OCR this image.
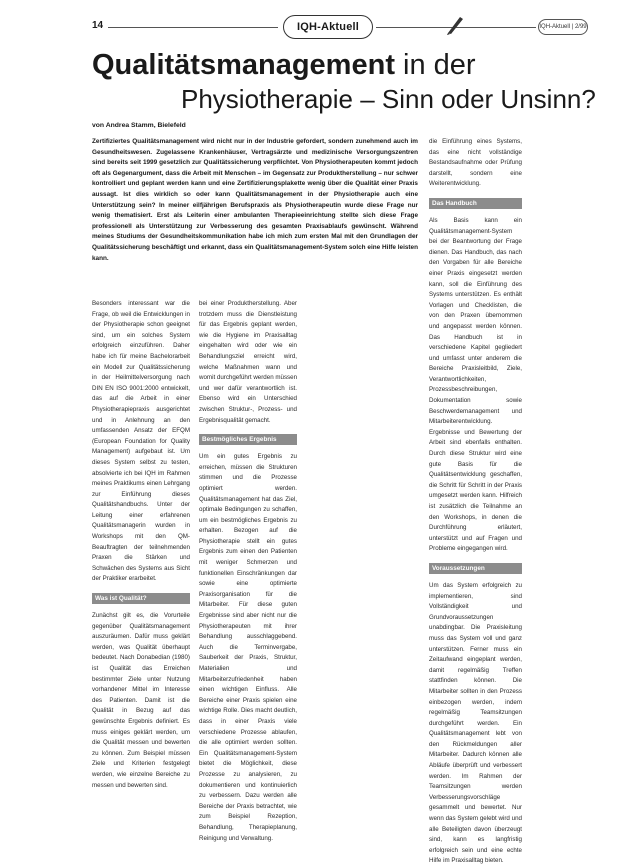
14	IQH-Aktuell	IQH-Aktuell | 2/99
Qualitätsmanagement in der
Physiotherapie – Sinn oder Unsinn?
von Andrea Stamm, Bielefeld
Zertifiziertes Qualitätsmanagement wird nicht nur in der Industrie gefordert, sondern zunehmend auch im Gesundheitswesen. Zugelassene Krankenhäuser, Vertragsärzte und medizinische Versorgungszentren sind bereits seit 1999 gesetzlich zur Qualitätssicherung verpflichtet. Von Physiotherapeuten kommt jedoch oft als Gegenargument, dass die Arbeit mit Menschen – im Gegensatz zur Produktherstellung – nur schwer kontrolliert und geplant werden kann und eine Zertifizierungsplakette wenig über die Qualität einer Praxis aussagt. Ist dies wirklich so oder kann Qualitätsmanagement in der Physiotherapie auch eine Unterstützung sein? In meiner eilfjährigen Berufspraxis als Physiotherapeutin wurde diese Frage nur wenig thematisiert. Erst als Leiterin einer ambulanten Therapieeinrichtung stellte sich diese Frage professionell als Unterstützung zur Verbesserung des gesamten Praxisablaufs gewünscht. Während meines Studiums der Gesundheitskommunikation habe ich mich zum ersten Mal mit den Grundlagen der Qualitätssicherung beschäftigt und erkannt, dass ein Qualitätsmanagement-System solch eine Hilfe leisten kann.

Besonders interessant war die Frage, ob weil die Entwicklungen in der Physiotherapie schon geeignet sind, um ein solches System erfolgreich einzuführen. Daher habe ich für meine Bachelorarbeit ein Modell zur Qualitätssicherung in der Heilmittelversorgung nach DIN EN ISO 9001:2000 entwickelt, das auf die Arbeit in einer Physiotherapiepraxis ausgerichtet und in Anlehnung an den umfassenden Ansatz der EFQM (European Foundation for Quality Management) aufgebaut ist. Um dieses System selbst zu testen, absolvierte ich bei IQH im Rahmen meines Praktikums einen Lehrgang zur Einführung dieses Qualitätshandbuchs. Unter der Leitung einer erfahrenen Qualitätsmanagerin wurden in Workshops mit den QM-Beauftragten der teilnehmenden Praxen die Stärken und Schwächen des Systems aus Sicht der Praktiker erarbeitet.

Was ist Qualität?

Zunächst gilt es, die Vorurteile gegenüber Qualitätsmanagement auszuräumen. Dafür muss geklärt werden, was Qualität überhaupt bedeutet. Nach Donabedian (1980) ist Qualität das Erreichen bestimmter Ziele unter Nutzung vorhandener Mittel im Interesse des Patienten. Damit ist die Qualität in Bezug auf das gewünschte Ergebnis definiert. Es muss einiges geklärt werden, um die Qualität messen und bewerten zu können. Zum Beispiel müssen Ziele und Kriterien festgelegt werden, wie einzelne Bereiche zu messen und bewerten sind.

bei einer Produktherstellung. Aber trotzdem muss die Dienstleistung für das Ergebnis geplant werden, wie die Hygiene im Praxisalltag eingehalten wird oder wie ein Behandlungsziel erreicht wird, welche Maßnahmen wann und womit durchgeführt werden müssen und wer dafür verantwortlich ist. Ebenso wird ein Unterschied zwischen Struktur-, Prozess- und Ergebnisqualität gemacht.

Bestmögliches Ergebnis

Um ein gutes Ergebnis zu erreichen, müssen die Strukturen stimmen und die Prozesse optimiert werden. Qualitätsmanagement hat das Ziel, optimale Bedingungen zu schaffen, um ein bestmögliches Ergebnis zu erhalten. Bezogen auf die Physiotherapie stellt ein gutes Ergebnis zum einen den Patienten mit weniger Schmerzen und funktionellen Einschränkungen dar sowie eine optimierte Praxisorganisation für die Mitarbeiter. Für diese guten Ergebnisse sind aber nicht nur die Physiotherapeuten mit ihrer Behandlung ausschlaggebend. Auch die Terminvergabe, Sauberkeit der Praxis, Struktur, Materialien und Mitarbeiterzufriedenheit haben einen wichtigen Einfluss. Alle Bereiche einer Praxis spielen eine wichtige Rolle. Dies macht deutlich, dass in einer Praxis viele verschiedene Prozesse ablaufen, die alle optimiert werden sollten. Ein Qualitätsmanagement-System bietet die Möglichkeit, diese Prozesse zu analysieren, zu dokumentieren und kontinuierlich zu verbessern. Dazu werden alle Bereiche der Praxis betrachtet, wie zum Beispiel Rezeption, Behandlung, Therapieplanung, Reinigung und Verwaltung.

die Einführung eines Systems, das eine nicht vollständige Bestandsaufnahme oder Prüfung darstellt, sondern eine Weiterentwicklung.

Das Handbuch

Als Basis kann ein Qualitätsmanagement-System bei der Beantwortung der Frage dienen. Das Handbuch, das nach den Vorgaben für alle Bereiche einer Praxis eingesetzt werden kann, soll die Einführung des Systems unterstützen. Es enthält Vorlagen und Checklisten, die von den Praxen übernommen und angepasst werden können. Das Handbuch ist in verschiedene Kapitel gegliedert und umfasst unter anderem die Bereiche Praxisleitbild, Ziele, Verantwortlichkeiten, Prozessbeschreibungen, Dokumentation sowie Beschwerdemanagement und Mitarbeiterentwicklung. Ergebnisse und Bewertung der Arbeit sind ebenfalls enthalten. Durch diese Struktur wird eine gute Basis für die Qualitätsentwicklung geschaffen, die Schritt für Schritt in der Praxis umgesetzt werden kann. Hilfreich ist zusätzlich die Teilnahme an den Workshops, in denen die Durchführung erläutert, unterstützt und auf Fragen und Probleme eingegangen wird.

Voraussetzungen

Um das System erfolgreich zu implementieren, sind Vollständigkeit und Grundvoraussetzungen unabdingbar. Die Praxisleitung muss das System voll und ganz unterstützen. Ferner muss ein Zeitaufwand eingeplant werden, damit regelmäßig Treffen stattfinden können. Die Mitarbeiter sollten in den Prozess einbezogen werden, indem regelmäßig Teamsitzungen durchgeführt werden. Ein Qualitätsmanagement lebt von den Rückmeldungen aller Mitarbeiter. Dadurch können alle Abläufe überprüft und verbessert werden. Im Rahmen der Teamsitzungen werden Verbesserungsvorschläge gesammelt und bewertet. Nur wenn das System gelebt wird und alle Beteiligten davon überzeugt sind, kann es langfristig erfolgreich sein und eine echte Hilfe im Praxisalltag bieten.
